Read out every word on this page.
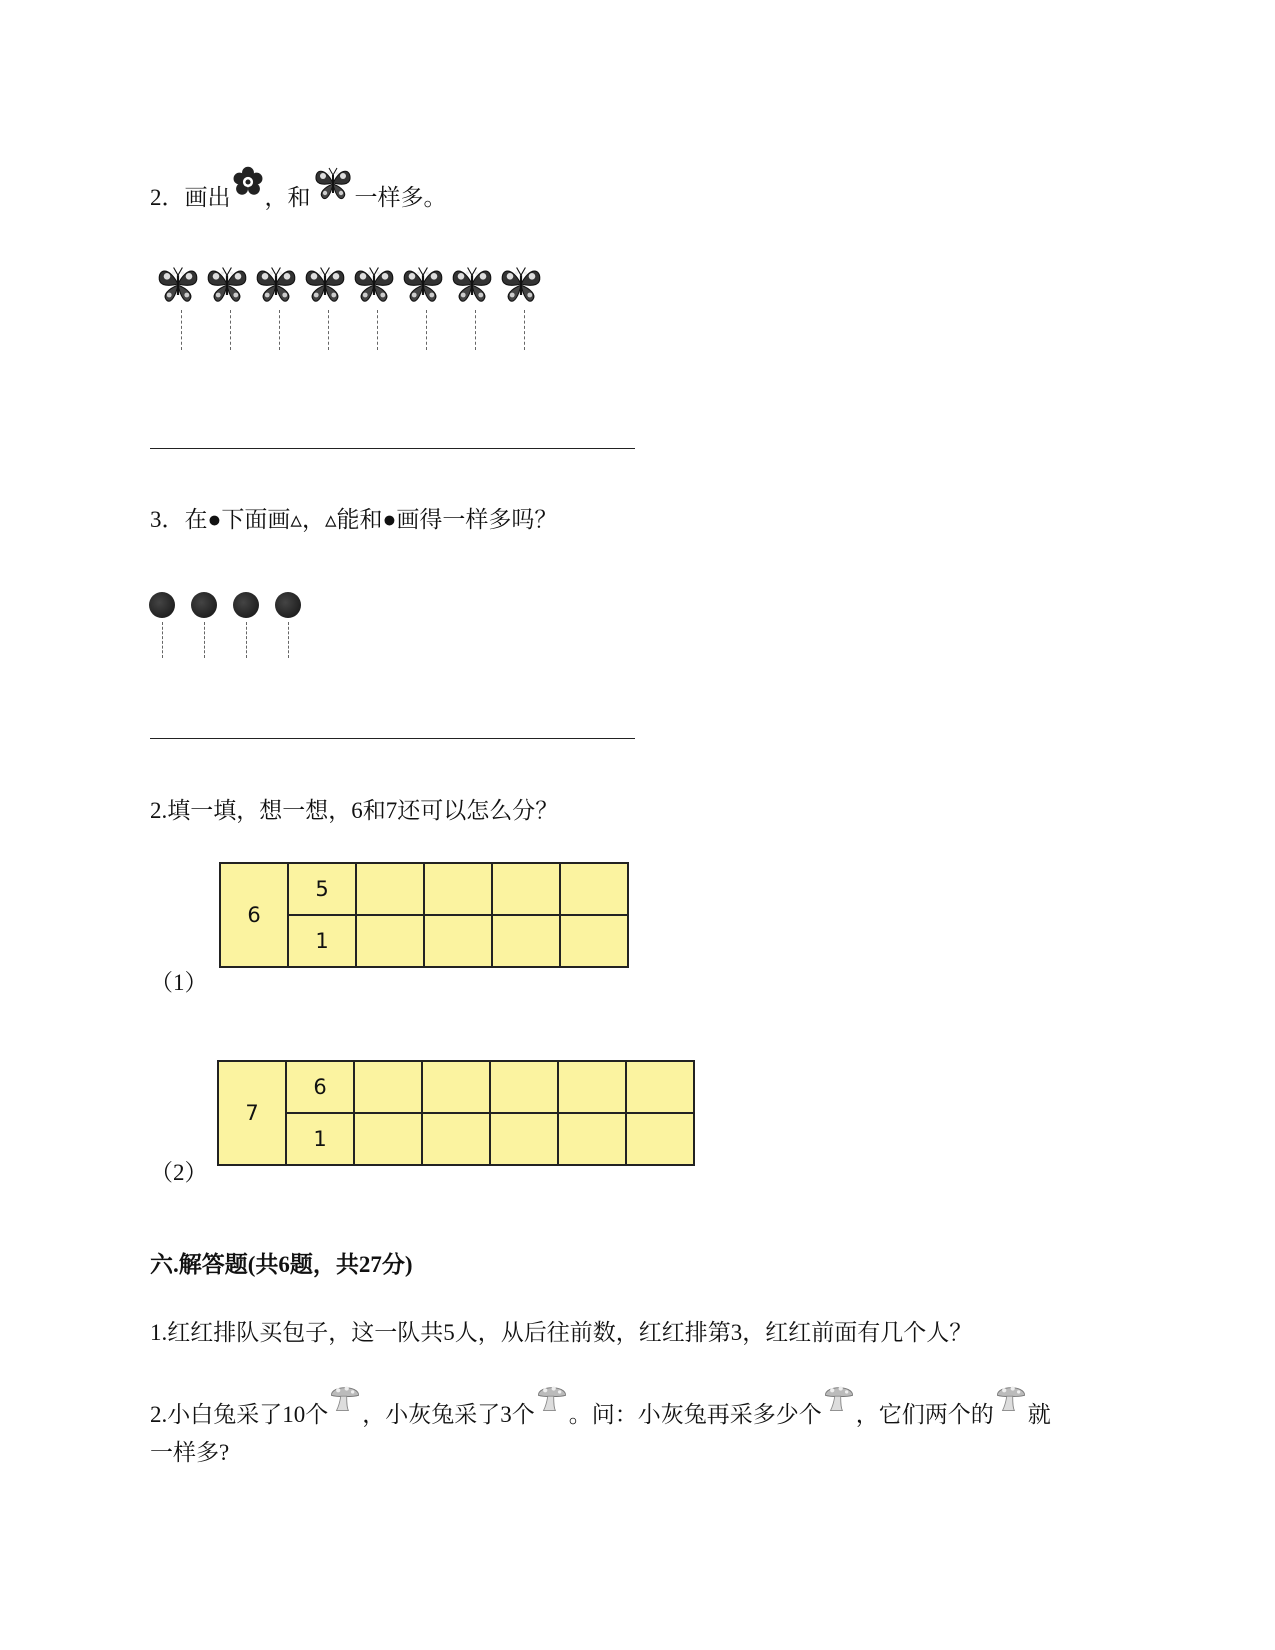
2．画出 ，和 一样多。
3．在●下面画▵，▵能和●画得一样多吗？
2.填一填，想一想，6和7还可以怎么分？
6	5				
	1				
（1）
7	6					
	1					
（2）
六.解答题(共6题，共27分)
1.红红排队买包子，这一队共5人，从后往前数，红红排第3，红红前面有几个人？
2.小白兔采了10个 ，小灰兔采了3个 。问：小灰兔再采多少个 ，它们两个的 就
一样多?
